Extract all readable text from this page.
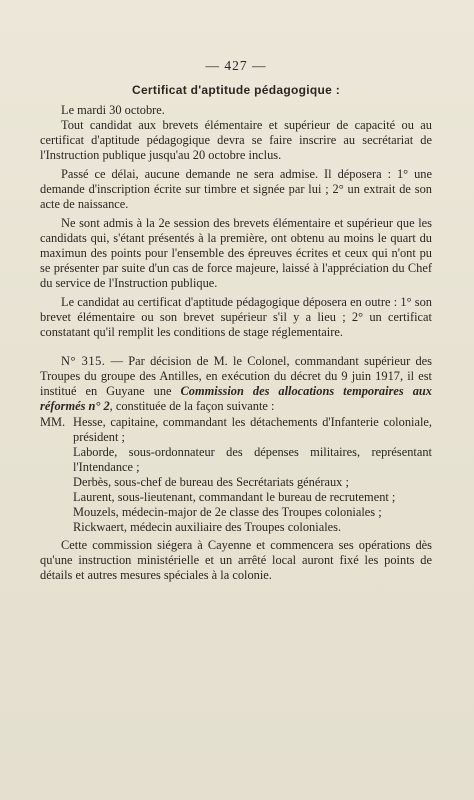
— 427 —
Certificat d'aptitude pédagogique :

Le mardi 30 octobre.

Tout candidat aux brevets élémentaire et supérieur de capacité ou au certificat d'aptitude pédagogique devra se faire inscrire au secrétariat de l'Instruction publique jusqu'au 20 octobre inclus.

Passé ce délai, aucune demande ne sera admise. Il déposera : 1° une demande d'inscription écrite sur timbre et signée par lui ; 2° un extrait de son acte de naissance.

Ne sont admis à la 2e session des brevets élémentaire et supérieur que les candidats qui, s'étant présentés à la première, ont obtenu au moins le quart du maximun des points pour l'ensemble des épreuves écrites et ceux qui n'ont pu se présenter par suite d'un cas de force majeure, laissé à l'appréciation du Chef du service de l'Instruction publique.

Le candidat au certificat d'aptitude pédagogique déposera en outre : 1° son brevet élémentaire ou son brevet supérieur s'il y a lieu ; 2° un certificat constatant qu'il remplit les conditions de stage réglementaire.

N° 315. — Par décision de M. le Colonel, commandant supérieur des Troupes du groupe des Antilles, en exécution du décret du 9 juin 1917, il est institué en Guyane une Commission des allocations temporaires aux réformés n° 2, constituée de la façon suivante :

MM. Hesse, capitaine, commandant les détachements d'Infanterie coloniale, président ;
Laborde, sous-ordonnateur des dépenses militaires, représentant l'Intendance ;
Derbès, sous-chef de bureau des Secrétariats généraux ;
Laurent, sous-lieutenant, commandant le bureau de recrutement ;
Mouzels, médecin-major de 2e classe des Troupes coloniales ;
Rickwaert, médecin auxiliaire des Troupes coloniales.

Cette commission siégera à Cayenne et commencera ses opérations dès qu'une instruction ministérielle et un arrêté local auront fixé les points de détails et autres mesures spéciales à la colonie.
